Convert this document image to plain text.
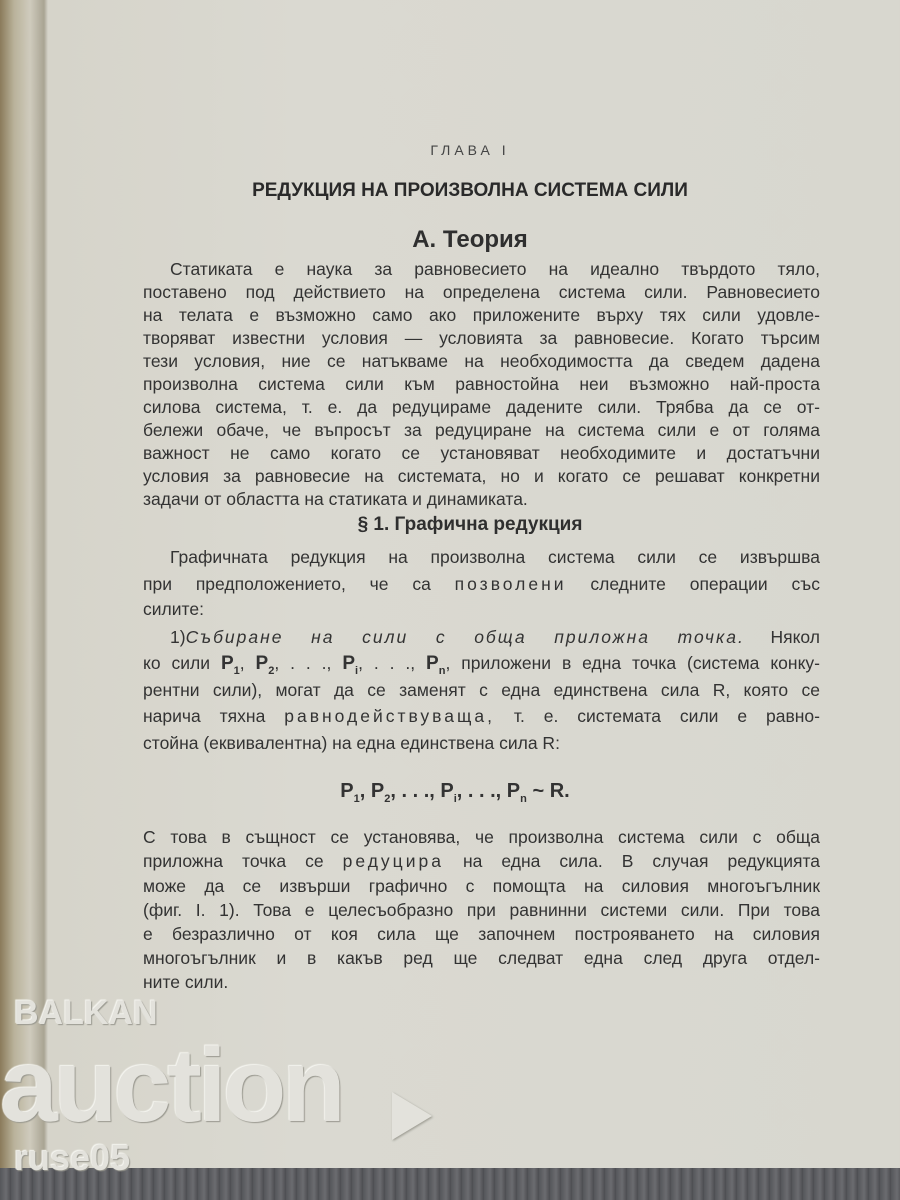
ГЛАВА I
РЕДУКЦИЯ НА ПРОИЗВОЛНА СИСТЕМА СИЛИ
А. Теория
Статиката е наука за равновесието на идеално твърдото тяло,
поставено под действието на определена система сили. Равновесието
на телата е възможно само ако приложените върху тях сили удовле-
творяват известни условия — условията за равновесие. Когато търсим
тези условия, ние се натъкваме на необходимостта да сведем дадена
произволна система сили към равностойна нeи възможно най-проста
силова система, т. е. да редуцираме дадените сили. Трябва да се от-
бележи обаче, че въпросът за редуциране на система сили е от голяма
важност не само когато се установяват необходимите и достатъчни
условия за равновесие на системата, но и когато се решават конкретни
задачи от областта на статиката и динамиката.
§ 1. Графична редукция
Графичната редукция на произволна система сили се извършва
при предположението, че са позволени следните операции със
силите:
1)Събиране на сили с обща приложна точка. Някол
ко сили $P_1$, $P_2$, . . ., $P_i$, . . ., $P_n$, приложени в една точка (система конку-
рентни сили), могат да се заменят с една единствена сила R, която се
нарича тяхна равнодействуваща, т. е. системата сили е равно-
стойна (еквивалентна) на една единствена сила R:
$P_1$, $P_2$, . . ., $P_i$, . . ., $P_n$ ~ R.
С това в същност се установява, че произволна система сили с обща
приложна точка се редуцира на една сила. В случая редукцията
може да се извърши графично с помощта на силовия многоъгълник
(фиг. I. 1). Това е целесъобразно при равнинни системи сили. При това
е безразлично от коя сила ще започнем построяването на силовия
многоъгълник и в какъв ред ще следват една след друга отдел-
ните сили.
BALKAN
auction
ruse05
